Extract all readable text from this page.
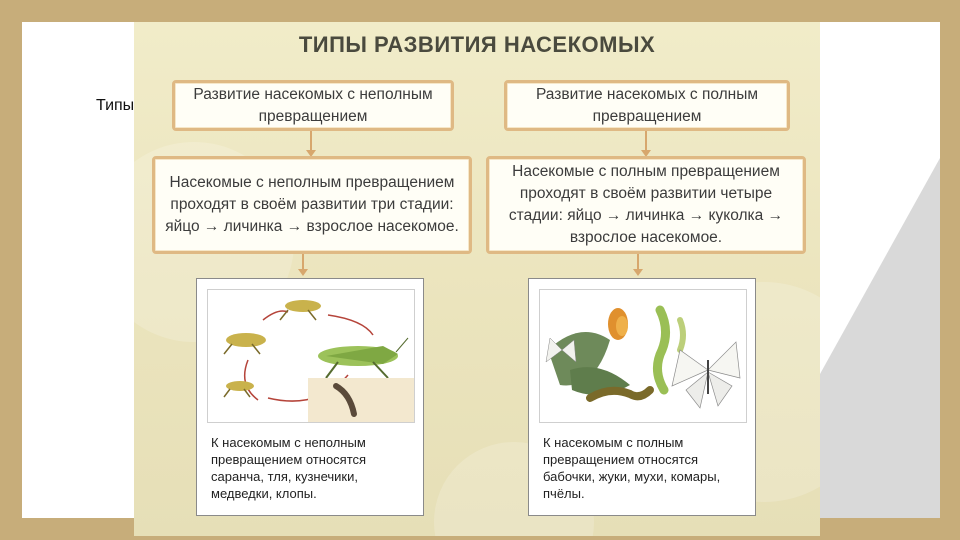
Типы
ТИПЫ РАЗВИТИЯ НАСЕКОМЫХ
Развитие насекомых с неполным превращением
Насекомые с неполным превращением проходят в своём развитии три стадии: яйцо → личинка → взрослое насекомое.
К насекомым с неполным превращением относятся саранча, тля, кузнечики, медведки, клопы.
Развитие насекомых с полным превращением
Насекомые с полным превращением проходят в своём развитии четыре стадии: яйцо → личинка → куколка → взрослое насекомое.
К насекомым с полным превращением относятся бабочки, жуки, мухи, комары, пчёлы.
